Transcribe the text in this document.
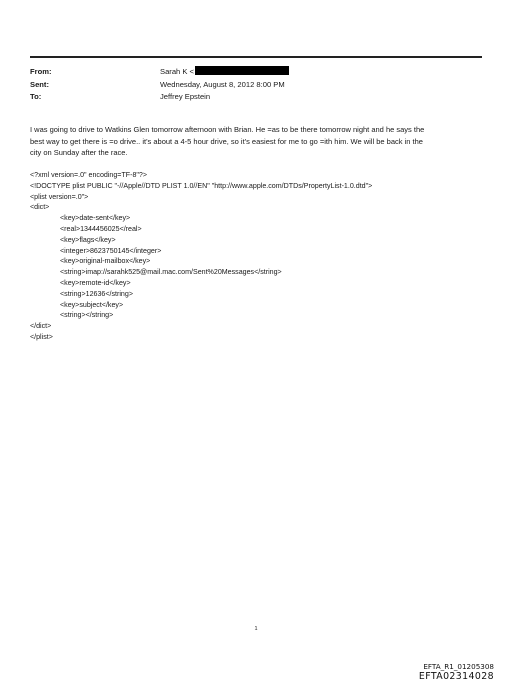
From:	Sarah K <
Sent:	Wednesday, August 8, 2012 8:00 PM
To:	Jeffrey Epstein
I was going to drive to Watkins Glen tomorrow afternoon with Brian. He =as to be there tomorrow night and he says the
best way to get there is =o drive.. it's about a 4-5 hour drive, so it's easiest for me to go =ith him. We will be back in the
city on Sunday after the race.
<?xml version=.0" encoding=TF-8"?>
<!DOCTYPE plist PUBLIC "-//Apple//DTD PLIST 1.0//EN" "http://www.apple.com/DTDs/PropertyList-1.0.dtd">
<plist version=.0">
<dict>
<key>date-sent</key>
<real>1344456025</real>
<key>flags</key>
<integer>8623750145</integer>
<key>original-mailbox</key>
<string>imap://sarahk525@mail.mac.com/Sent%20Messages</string>
<key>remote-id</key>
<string>12636</string>
<key>subject</key>
<string></string>
</dict>
</plist>
1
EFTA_R1_01205308
EFTA02314028
